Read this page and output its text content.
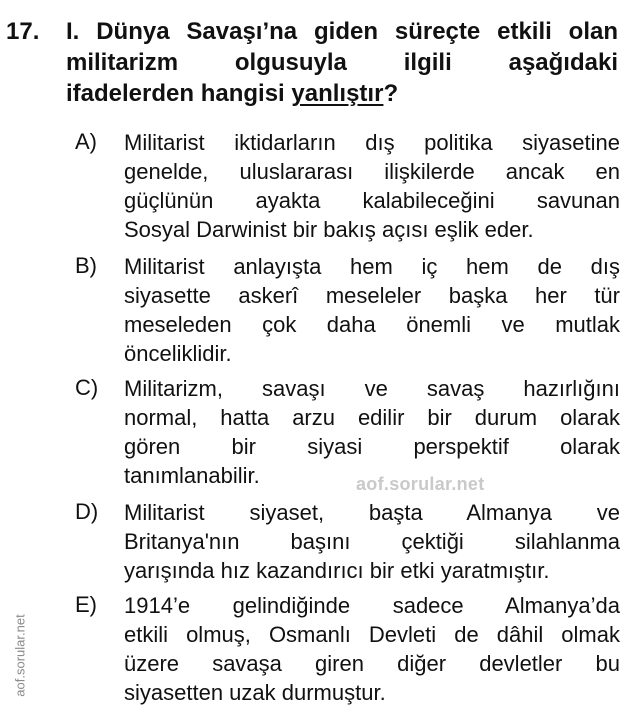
17. I. Dünya Savaşı’na giden süreçte etkili olan
militarizm olgusuyla ilgili aşağıdaki
ifadelerden hangisi yanlıştır?
A) Militarist iktidarların dış politika siyasetine
genelde, uluslararası ilişkilerde ancak en
güçlünün ayakta kalabileceğini savunan
Sosyal Darwinist bir bakış açısı eşlik eder.
B) Militarist anlayışta hem iç hem de dış
siyasette askerî meseleler başka her tür
meseleden çok daha önemli ve mutlak
önceliklidir.
C) Militarizm, savaşı ve savaş hazırlığını
normal, hatta arzu edilir bir durum olarak
gören bir siyasi perspektif olarak
tanımlanabilir.
D) Militarist siyaset, başta Almanya ve
Britanya'nın başını çektiği silahlanma
yarışında hız kazandırıcı bir etki yaratmıştır.
E) 1914’e gelindiğinde sadece Almanya’da
etkili olmuş, Osmanlı Devleti de dâhil olmak
üzere savaşa giren diğer devletler bu
siyasetten uzak durmuştur.
aof.sorular.net
aof.sorular.net
